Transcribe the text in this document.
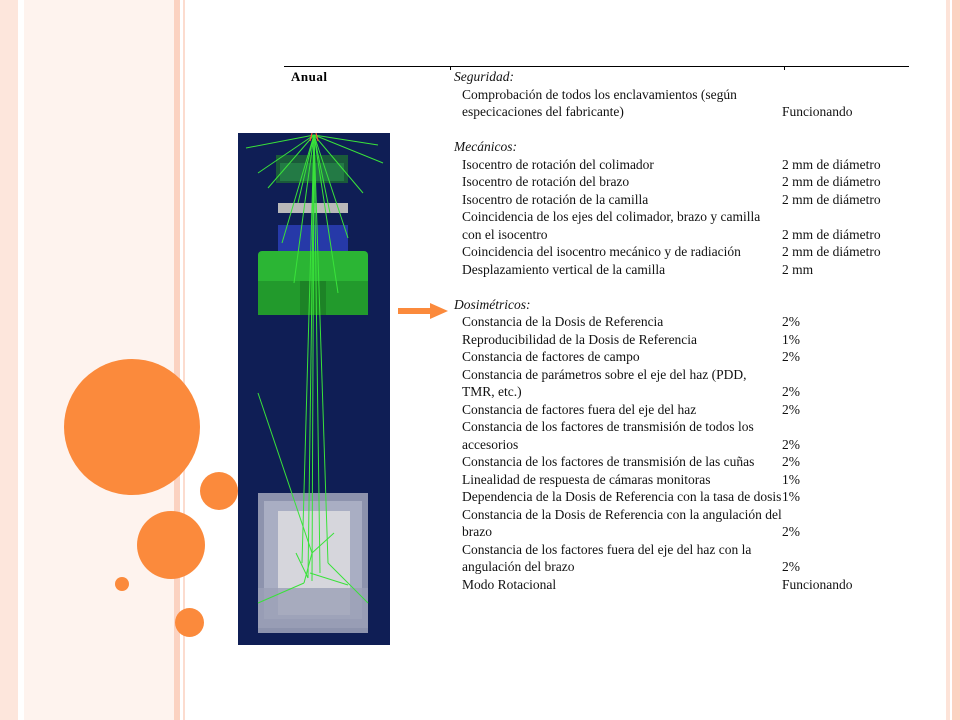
Anual	Seguridad:
Comprobación de todos los enclavamientos (según especicaciones del fabricante)	Funcionando
Mecánicos:
Isocentro de rotación del colimador	2 mm de diámetro
Isocentro de rotación del brazo	2 mm de diámetro
Isocentro de rotación de la camilla	2 mm de diámetro
Coincidencia de los ejes del colimador, brazo y camilla con el isocentro	2 mm de diámetro
Coincidencia del isocentro mecánico y de radiación	2 mm de diámetro
Desplazamiento vertical de la camilla	2 mm
Dosimétricos:
Constancia de la Dosis de Referencia	2%
Reproducibilidad de la Dosis de Referencia	1%
Constancia de factores de campo	2%
Constancia de parámetros sobre el eje del haz (PDD, TMR, etc.)	2%
Constancia de factores fuera del eje del haz	2%
Constancia de los factores de transmisión de todos los accesorios	2%
Constancia de los factores de transmisión de las cuñas	2%
Linealidad de respuesta de cámaras monitoras	1%
Dependencia de la Dosis de Referencia con la tasa de dosis 1%
Constancia de la Dosis de Referencia con la angulación del brazo	2%
Constancia de los factores fuera del eje del haz con la angulación del brazo	2%
Modo Rotacional	Funcionando
